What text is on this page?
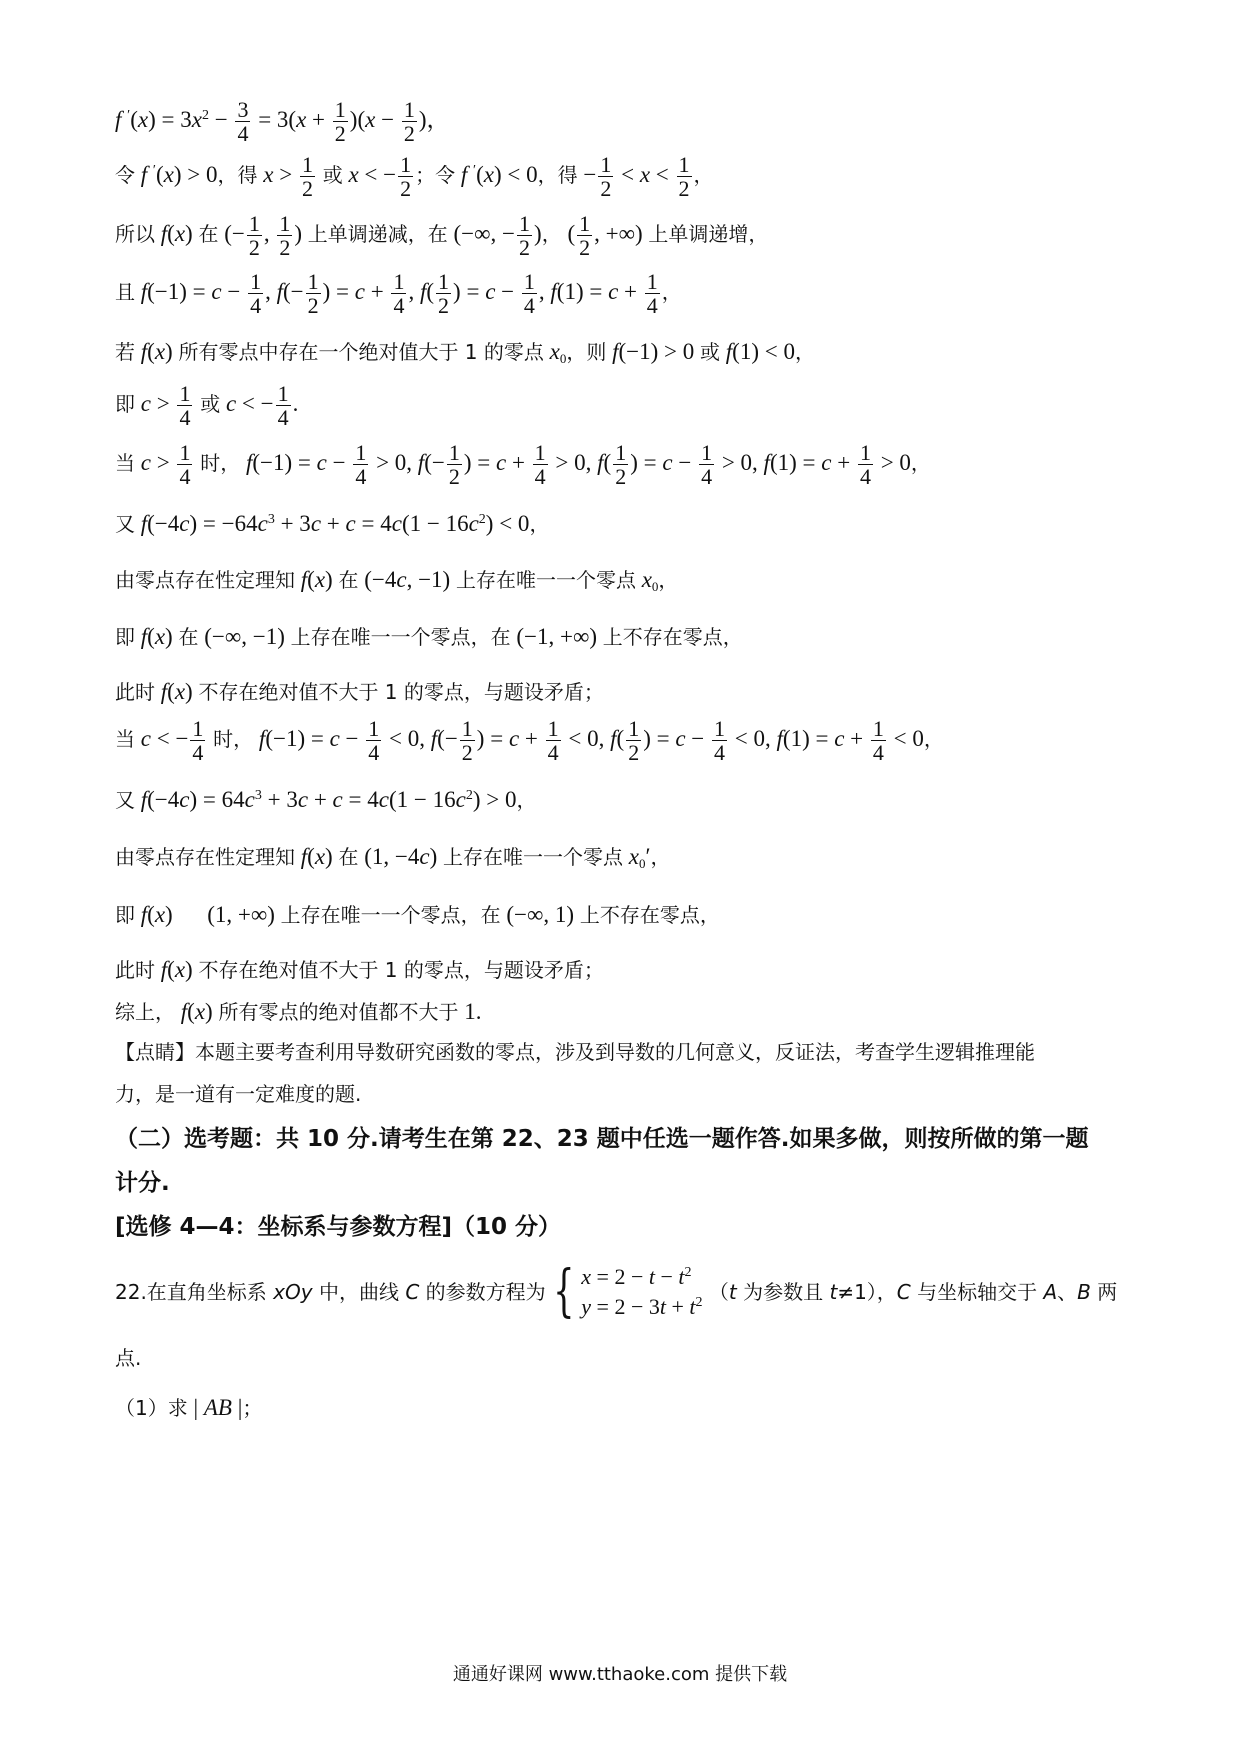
f $'(x) = 3x^2 - \frac{3}{4} = 3(x + \frac{1}{2} )(x - \frac{1}{2}$ )，
令 f ′(x) > 0，得 $x > \frac{1}{2}$ 或 x < − $\frac{1}{2}$ ；令 f ′(x) < 0，得 − $\frac{1}{2} < x < \frac{1}{2}$ ，
所以 f(x) 在 (− $\frac{1}{2}$ , $\frac{1}{2}$ ) 上单调递减，在 (−∞, − $\frac{1}{2}$ )， ( $\frac{1}{2}$ , +∞) 上单调递增，
且 $f(-1) = c - \frac{1}{4}$ , $f(- \frac{1}{2}$ ) = $c + \frac{1}{4}$ , $f( \frac{1}{2}$ ) = $c - \frac{1}{4}$ , $f(1) = c + \frac{1}{4}$ ，
若 f(x) 所有零点中存在一个绝对值大于 1 的零点 $x_0$，则 f(−1) > 0 或 f(1) < 0，
即 $c > \frac{1}{4}$ 或 c < − $\frac{1}{4}$ .
当 $c > \frac{1}{4}$ 时， $f(-1) = c - \frac{1}{4} > 0$, $f(- \frac{1}{2}$ ) = $c + \frac{1}{4} > 0$, $f( \frac{1}{2}$ ) = $c - \frac{1}{4} > 0$, $f(1) = c + \frac{1}{4} > 0$，
又 $f(-4c) = -64c^3 + 3c + c = 4c(1 - 16c^2) < 0$，
由零点存在性定理知 f(x) 在 (−4c, −1) 上存在唯一一个零点 $x_0$，
即 f(x) 在 (−∞, −1) 上存在唯一一个零点，在 (−1, +∞) 上不存在零点，
此时 f(x) 不存在绝对值不大于 1 的零点，与题设矛盾；
当 c < − $\frac{1}{4}$ 时， $f(-1) = c - \frac{1}{4} < 0$, $f(- \frac{1}{2}$ ) = $c + \frac{1}{4} < 0$, $f( \frac{1}{2}$ ) = $c - \frac{1}{4} < 0$, $f(1) = c + \frac{1}{4} < 0$，
又 $f(-4c) = 64c^3 + 3c + c = 4c(1 - 16c^2) > 0$，
由零点存在性定理知 f(x) 在 (1, −4c) 上存在唯一一个零点 $x_0'$，
即 f(x) 　 (1, +∞) 上存在唯一一个零点，在 (−∞, 1) 上不存在零点，
此时 f(x) 不存在绝对值不大于 1 的零点，与题设矛盾；
综上， f(x) 所有零点的绝对值都不大于 1.
【点睛】本题主要考查利用导数研究函数的零点，涉及到导数的几何意义，反证法，考查学生逻辑推理能
力，是一道有一定难度的题.
（二）选考题：共 10 分.请考生在第 22、23 题中任选一题作答.如果多做，则按所做的第一题
计分.
[选修 4—4：坐标系与参数方程]（10 分）
22.在直角坐标系 xOy 中，曲线 C 的参数方程为 { $x = 2 - t - t^2$
$y = 2 - 3t + t^2$ （t 为参数且 t≠1），C 与坐标轴交于 A、B 两
点.
（1）求 | AB |；
通通好课网 www.tthaoke.com 提供下载
